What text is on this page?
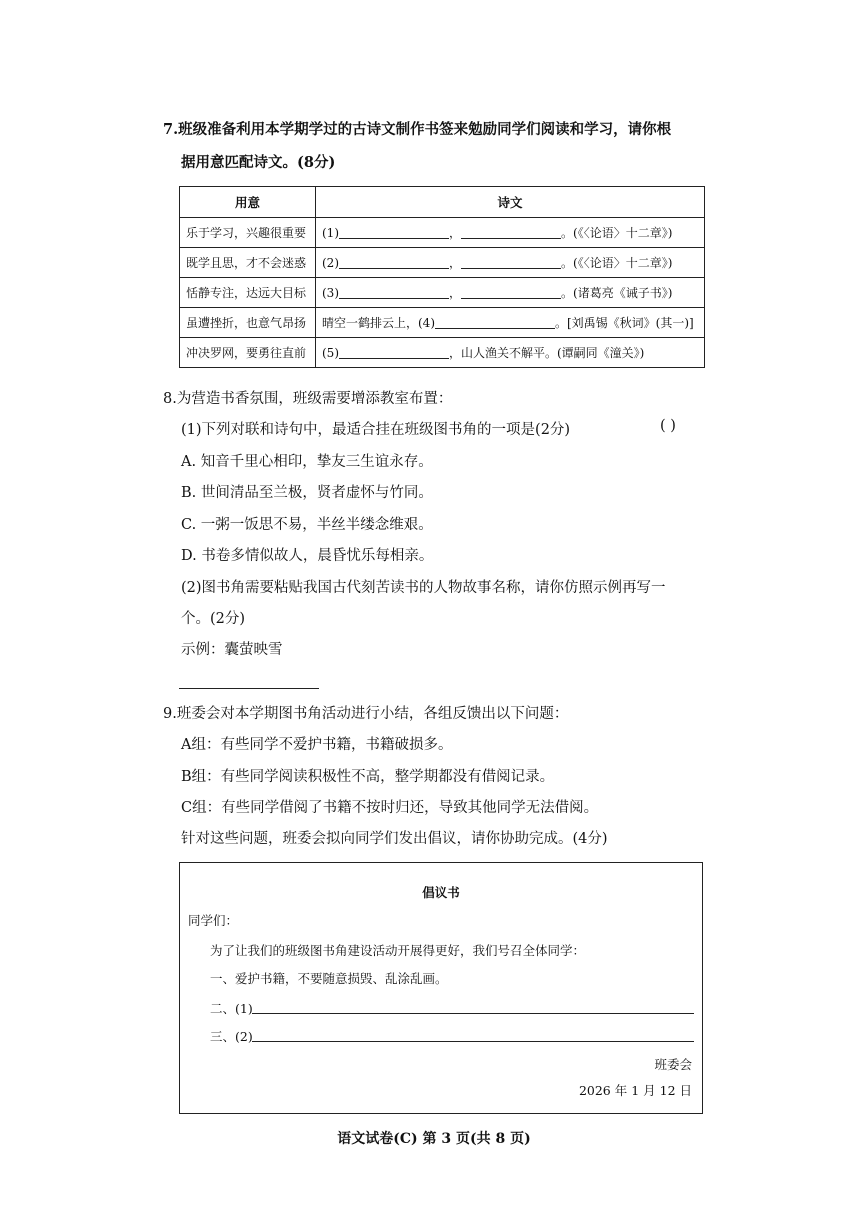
7.班级准备利用本学期学过的古诗文制作书签来勉励同学们阅读和学习，请你根
据用意匹配诗文。(8分)
用意	诗文
乐于学习，兴趣很重要	(1) ， 。(《〈论语〉十二章》)
既学且思，才不会迷惑	(2) ， 。(《〈论语〉十二章》)
恬静专注，达远大目标	(3) ， 。(诸葛亮《诫子书》)
虽遭挫折，也意气昂扬	晴空一鹤排云上，(4) 。[刘禹锡《秋词》(其一)]
冲决罗网，要勇往直前	(5) ，山人渔关不解平。(谭嗣同《潼关》)
8.为营造书香氛围，班级需要增添教室布置：
(1)下列对联和诗句中，最适合挂在班级图书角的一项是(2分)	( )
A. 知音千里心相印，挚友三生谊永存。
B. 世间清品至兰极，贤者虚怀与竹同。
C. 一粥一饭思不易，半丝半缕念维艰。
D. 书卷多情似故人，晨昏忧乐每相亲。
(2)图书角需要粘贴我国古代刻苦读书的人物故事名称，请你仿照示例再写一
个。(2分)
示例：囊萤映雪
9.班委会对本学期图书角活动进行小结，各组反馈出以下问题：
A组：有些同学不爱护书籍，书籍破损多。
B组：有些同学阅读积极性不高，整学期都没有借阅记录。
C组：有些同学借阅了书籍不按时归还，导致其他同学无法借阅。
针对这些问题，班委会拟向同学们发出倡议，请你协助完成。(4分)
倡议书
同学们：
为了让我们的班级图书角建设活动开展得更好，我们号召全体同学：
一、爱护书籍，不要随意损毁、乱涂乱画。
二、(1)
三、(2)
班委会
2026 年 1 月 12 日
语文试卷(C) 第 3 页(共 8 页)
